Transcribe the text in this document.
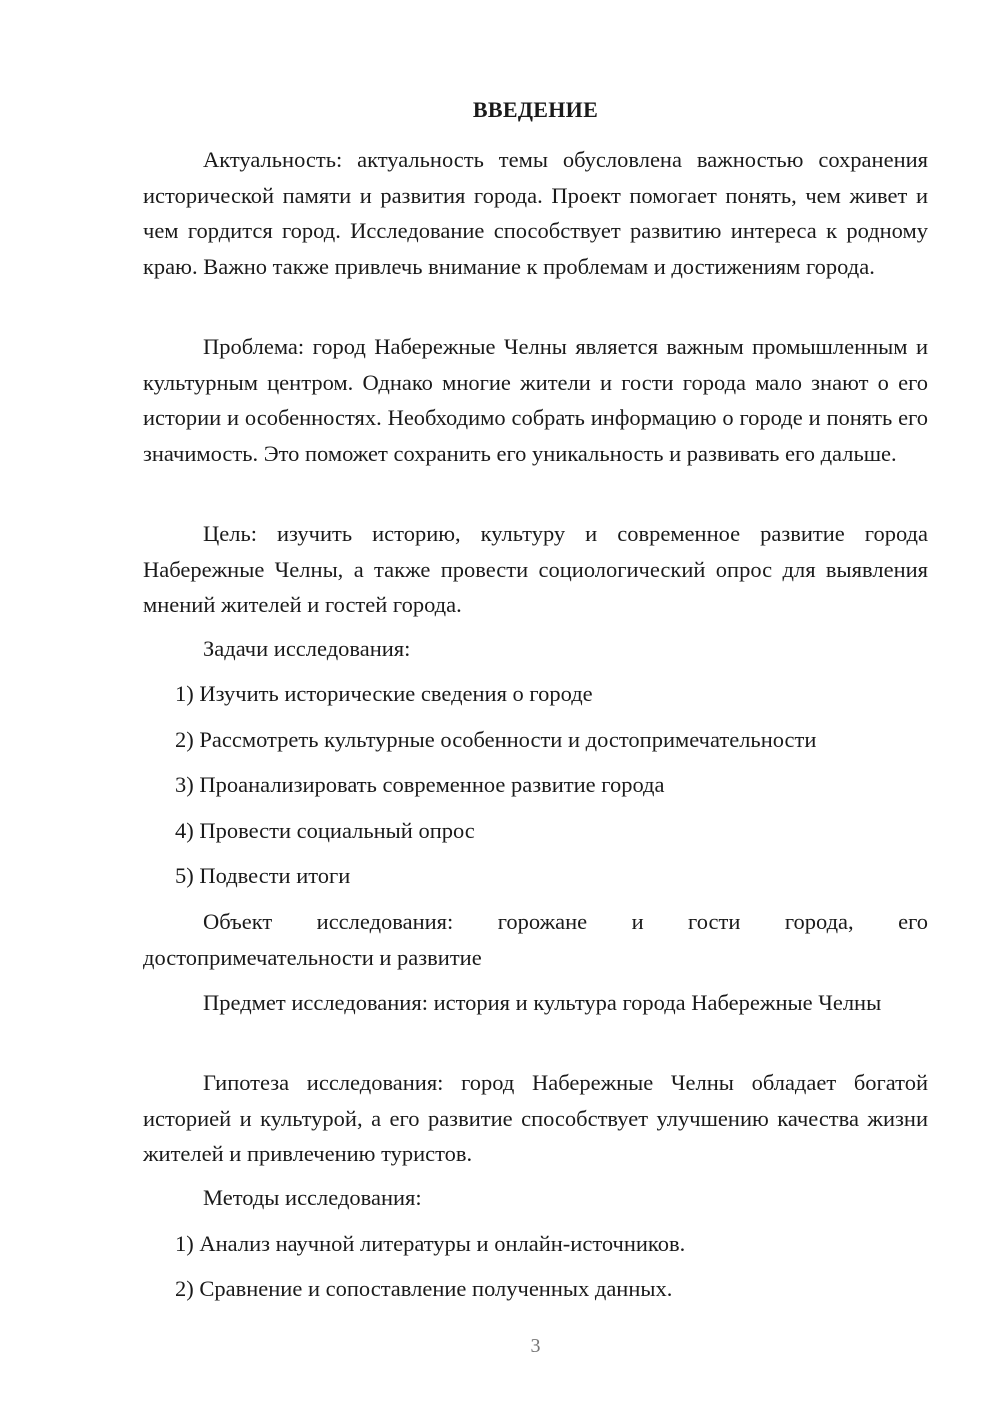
ВВЕДЕНИЕ

Актуальность: актуальность темы обусловлена важностью сохранения исторической памяти и развития города. Проект помогает понять, чем живет и чем гордится город. Исследование способствует развитию интереса к родному краю. Важно также привлечь внимание к проблемам и достижениям города.

Проблема: город Набережные Челны является важным промышленным и культурным центром. Однако многие жители и гости города мало знают о его истории и особенностях. Необходимо собрать информацию о городе и понять его значимость. Это поможет сохранить его уникальность и развивать его дальше.

Цель: изучить историю, культуру и современное развитие города Набережные Челны, а также провести социологический опрос для выявления мнений жителей и гостей города.

Задачи исследования:
1) Изучить исторические сведения о городе
2) Рассмотреть культурные особенности и достопримечательности
3) Проанализировать современное развитие города
4) Провести социальный опрос
5) Подвести итоги

Объект исследования: горожане и гости города, его достопримечательности и развитие

Предмет исследования: история и культура города Набережные Челны

Гипотеза исследования: город Набережные Челны обладает богатой историей и культурой, а его развитие способствует улучшению качества жизни жителей и привлечению туристов.

Методы исследования:
1) Анализ научной литературы и онлайн-источников.
2) Сравнение и сопоставление полученных данных.
3
